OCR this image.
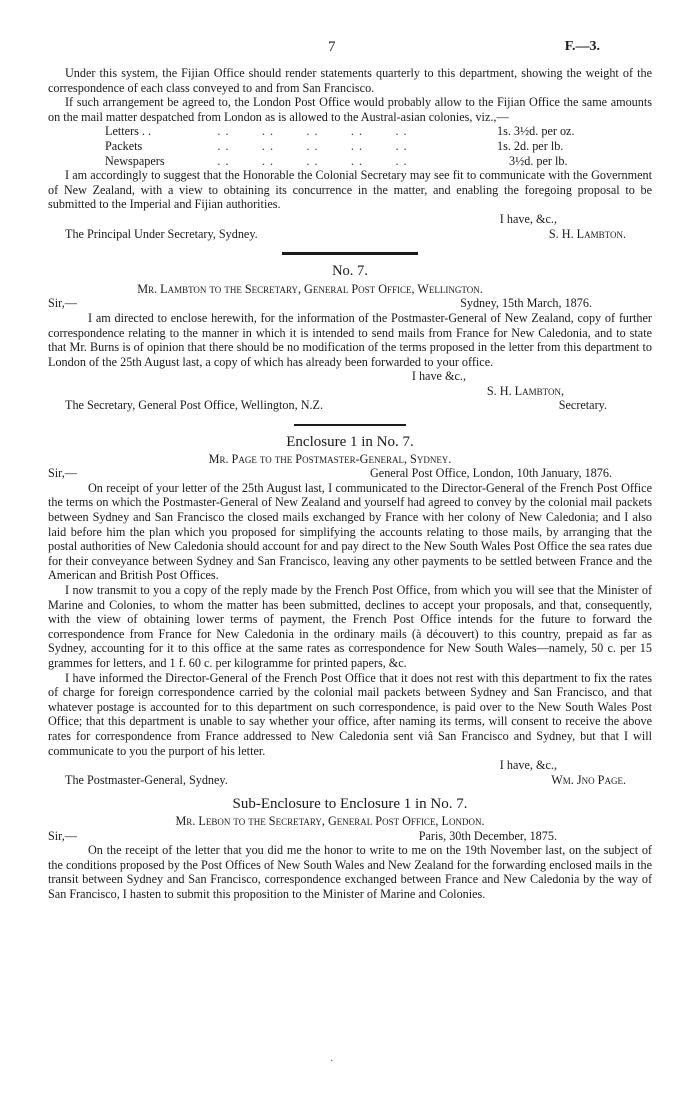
7	F.—3.

Under this system, the Fijian Office should render statements quarterly to this department, showing the weight of the correspondence of each class conveyed to and from San Francisco.

If such arrangement be agreed to, the London Post Office would probably allow to the Fijian Office the same amounts on the mail matter despatched from London as is allowed to the Austral-asian colonies, viz.,—

Letters . .	. .        . .        . .        . .        . .	1s. 3½d. per oz.
Packets	. .        . .        . .        . .        . .	1s. 2d. per lb.
Newspapers	. .        . .        . .        . .        . .	3½d. per lb.

I am accordingly to suggest that the Honorable the Colonial Secretary may see fit to communicate with the Government of New Zealand, with a view to obtaining its concurrence in the matter, and enabling the foregoing proposal to be submitted to the Imperial and Fijian authorities.

I have, &c.,
The Principal Under Secretary, Sydney.	S. H. Lambton.
No. 7.
Mr. Lambton to the Secretary, General Post Office, Wellington.
Sir,—	Sydney, 15th March, 1876.

I am directed to enclose herewith, for the information of the Postmaster-General of New Zealand, copy of further correspondence relating to the manner in which it is intended to send mails from France for New Caledonia, and to state that Mr. Burns is of opinion that there should be no modification of the terms proposed in the letter from this department to London of the 25th August last, a copy of which has already been forwarded to your office.

I have &c.,
S. H. Lambton,
The Secretary, General Post Office, Wellington, N.Z.	Secretary.
Enclosure 1 in No. 7.
Mr. Page to the Postmaster-General, Sydney.
Sir,—	General Post Office, London, 10th January, 1876.

On receipt of your letter of the 25th August last, I communicated to the Director-General of the French Post Office the terms on which the Postmaster-General of New Zealand and yourself had agreed to convey by the colonial mail packets between Sydney and San Francisco the closed mails exchanged by France with her colony of New Caledonia; and I also laid before him the plan which you proposed for simplifying the accounts relating to those mails, by arranging that the postal authorities of New Caledonia should account for and pay direct to the New South Wales Post Office the sea rates due for their conveyance between Sydney and San Francisco, leaving any other payments to be settled between France and the American and British Post Offices.

I now transmit to you a copy of the reply made by the French Post Office, from which you will see that the Minister of Marine and Colonies, to whom the matter has been submitted, declines to accept your proposals, and that, consequently, with the view of obtaining lower terms of payment, the French Post Office intends for the future to forward the correspondence from France for New Caledonia in the ordinary mails (à découvert) to this country, prepaid as far as Sydney, accounting for it to this office at the same rates as correspondence for New South Wales—namely, 50 c. per 15 grammes for letters, and 1 f. 60 c. per kilogramme for printed papers, &c.

I have informed the Director-General of the French Post Office that it does not rest with this department to fix the rates of charge for foreign correspondence carried by the colonial mail packets between Sydney and San Francisco, and that whatever postage is accounted for to this department on such correspondence, is paid over to the New South Wales Post Office; that this department is unable to say whether your office, after naming its terms, will consent to receive the above rates for correspondence from France addressed to New Caledonia sent viâ San Francisco and Sydney, but that I will communicate to you the purport of his letter.

I have, &c.,
The Postmaster-General, Sydney.	Wm. Jno Page.
Sub-Enclosure to Enclosure 1 in No. 7.
Mr. Lebon to the Secretary, General Post Office, London.
Sir,—	Paris, 30th December, 1875.

On the receipt of the letter that you did me the honor to write to me on the 19th November last, on the subject of the conditions proposed by the Post Offices of New South Wales and New Zealand for the forwarding enclosed mails in the transit between Sydney and San Francisco, correspondence exchanged between France and New Caledonia by the way of San Francisco, I hasten to submit this proposition to the Minister of Marine and Colonies.

·
